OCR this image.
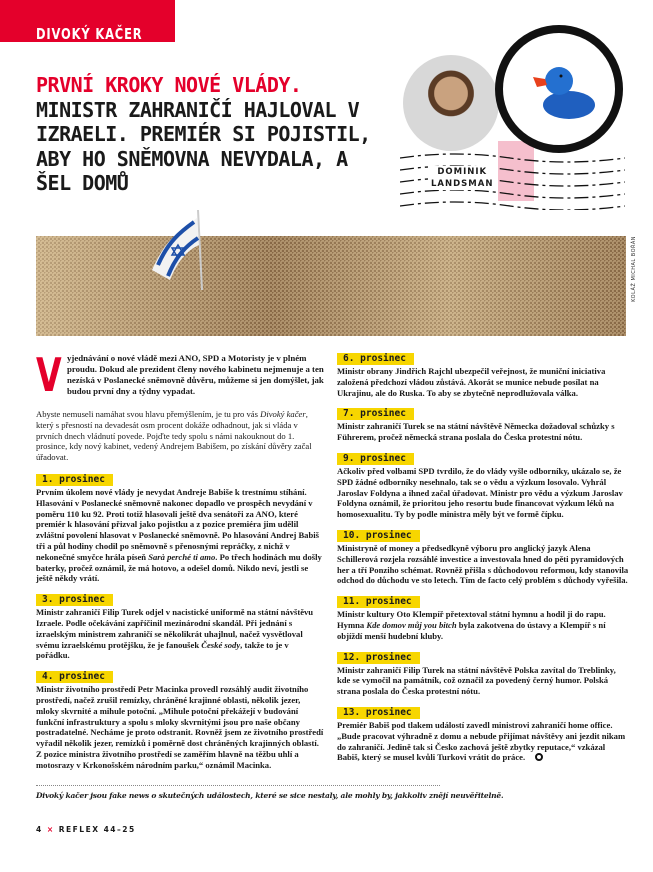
DIVOKÝ KAČER
PRVNÍ KROKY NOVÉ VLÁDY.
MINISTR ZAHRANIČÍ HAJLOVAL V IZRAELI. PREMIÉR SI POJISTIL, ABY HO SNĚMOVNA NEVYDALA, A ŠEL DOMŮ
KOLÁŽ MICHAL BOŘÁN
DOMINIK
LANDSMAN

V yjednávání o nové vládě mezi ANO, SPD a Motoristy je v plném proudu. Dokud ale prezident členy nového kabinetu nejmenuje a ten nezíská v Poslanecké sněmovně důvěru, můžeme si jen domýšlet, jak budou první dny a týdny vypadat.

Abyste nemuseli namáhat svou hlavu přemýšlením, je tu pro vás Divoký kačer, který s přesností na devadesát osm procent dokáže odhadnout, jak si vláda v prvních dnech vládnutí povede. Pojďte tedy spolu s námi nakouknout do 1. prosince, kdy nový kabinet, vedený Andrejem Babišem, po získání důvěry začal úřadovat.

1. prosinec

Prvním úkolem nové vlády je nevydat Andreje Babiše k trestnímu stíhání. Hlasování v Poslanecké sněmovně nakonec dopadlo ve prospěch nevydání v poměru 110 ku 92. Proti totiž hlasovali ještě dva senátoři za ANO, které premiér k hlasování přizval jako pojistku a z pozice premiéra jim udělil zvláštní povolení hlasovat v Poslanecké sněmovně. Po hlasování Andrej Babiš tři a půl hodiny chodil po sněmovně s přenosnými repráčky, z nichž v nekonečné smyčce hrála píseň Sarà perché ti amo. Po třech hodinách mu došly baterky, pročež oznámil, že má hotovo, a odešel domů. Nikdo neví, jestli se ještě někdy vrátí.

3. prosinec

Ministr zahraničí Filip Turek odjel v nacistické uniformě na státní návštěvu Izraele. Podle očekávání zapříčinil mezinárodní skandál. Při jednání s izraelským ministrem zahraničí se několikrát uhajlnul, načež vysvětloval svému izraelskému protějšku, že je fanoušek České sody, takže to je v pořádku.

4. prosinec

Ministr životního prostředí Petr Macinka provedl rozsáhlý audit životního prostředí, načež zrušil remízky, chráněné krajinné oblasti, několik jezer, mloky skvrnité a mihule potoční. „Mihule potoční překážejí v budování funkční infrastruktury a spolu s mloky skvrnitými jsou pro naše občany postradatelné. Necháme je proto odstranit. Rovněž jsem ze životního prostředí vyřadil několik jezer, remízků i poměrně dost chráněných krajinných oblastí. Z pozice ministra životního prostředí se zaměřím hlavně na těžbu uhlí a motosrazy v Krkonošském národním parku,“ oznámil Macinka.

6. prosinec

Ministr obrany Jindřich Rajchl ubezpečil veřejnost, že muniční iniciativa založená předchozí vládou zůstává. Akorát se munice nebude posílat na Ukrajinu, ale do Ruska. To aby se zbytečně neprodlužovala válka.

7. prosinec

Ministr zahraničí Turek se na státní návštěvě Německa dožadoval schůzky s Führerem, pročež německá strana poslala do Česka protestní nótu.

9. prosinec

Ačkoliv před volbami SPD tvrdilo, že do vlády vyšle odborníky, ukázalo se, že SPD žádné odborníky nesehnalo, tak se o vědu a výzkum losovalo. Vyhrál Jaroslav Foldyna a ihned začal úřadovat. Ministr pro vědu a výzkum Jaroslav Foldyna oznámil, že prioritou jeho resortu bude financovat výzkum léků na homosexualitu. Ty by podle ministra měly být ve formě čípku.

10. prosinec

Ministryně of money a předsedkyně výboru pro anglický jazyk Alena Schillerová rozjela rozsáhlé investice a investovala hned do pěti pyramidových her a tří Ponziho schémat. Rovněž přišla s důchodovou reformou, kdy stanovila odchod do důchodu ve sto letech. Tím de facto celý problém s důchody vyřešila.

11. prosinec

Ministr kultury Oto Klempíř přetextoval státní hymnu a hodil ji do rapu. Hymna Kde domov můj you bitch byla zakotvena do ústavy a Klempíř s ní objíždí menší hudební kluby.

12. prosinec

Ministr zahraničí Filip Turek na státní návštěvě Polska zavítal do Treblinky, kde se vymočil na památník, což označil za povedený černý humor. Polská strana poslala do Česka protestní nótu.

13. prosinec

Premiér Babiš pod tlakem událostí zavedl ministrovi zahraničí home office. „Bude pracovat výhradně z domu a nebude přijímat návštěvy ani jezdit nikam do zahraničí. Jedině tak si Česko zachová ještě zbytky reputace,“ vzkázal Babiš, který se musel kvůli Turkovi vrátit do práce.

Divoký kačer jsou fake news o skutečných událostech, které se sice nestaly, ale mohly by, jakkoliv znějí neuvěřitelně.

4 × REFLEX 44–25
